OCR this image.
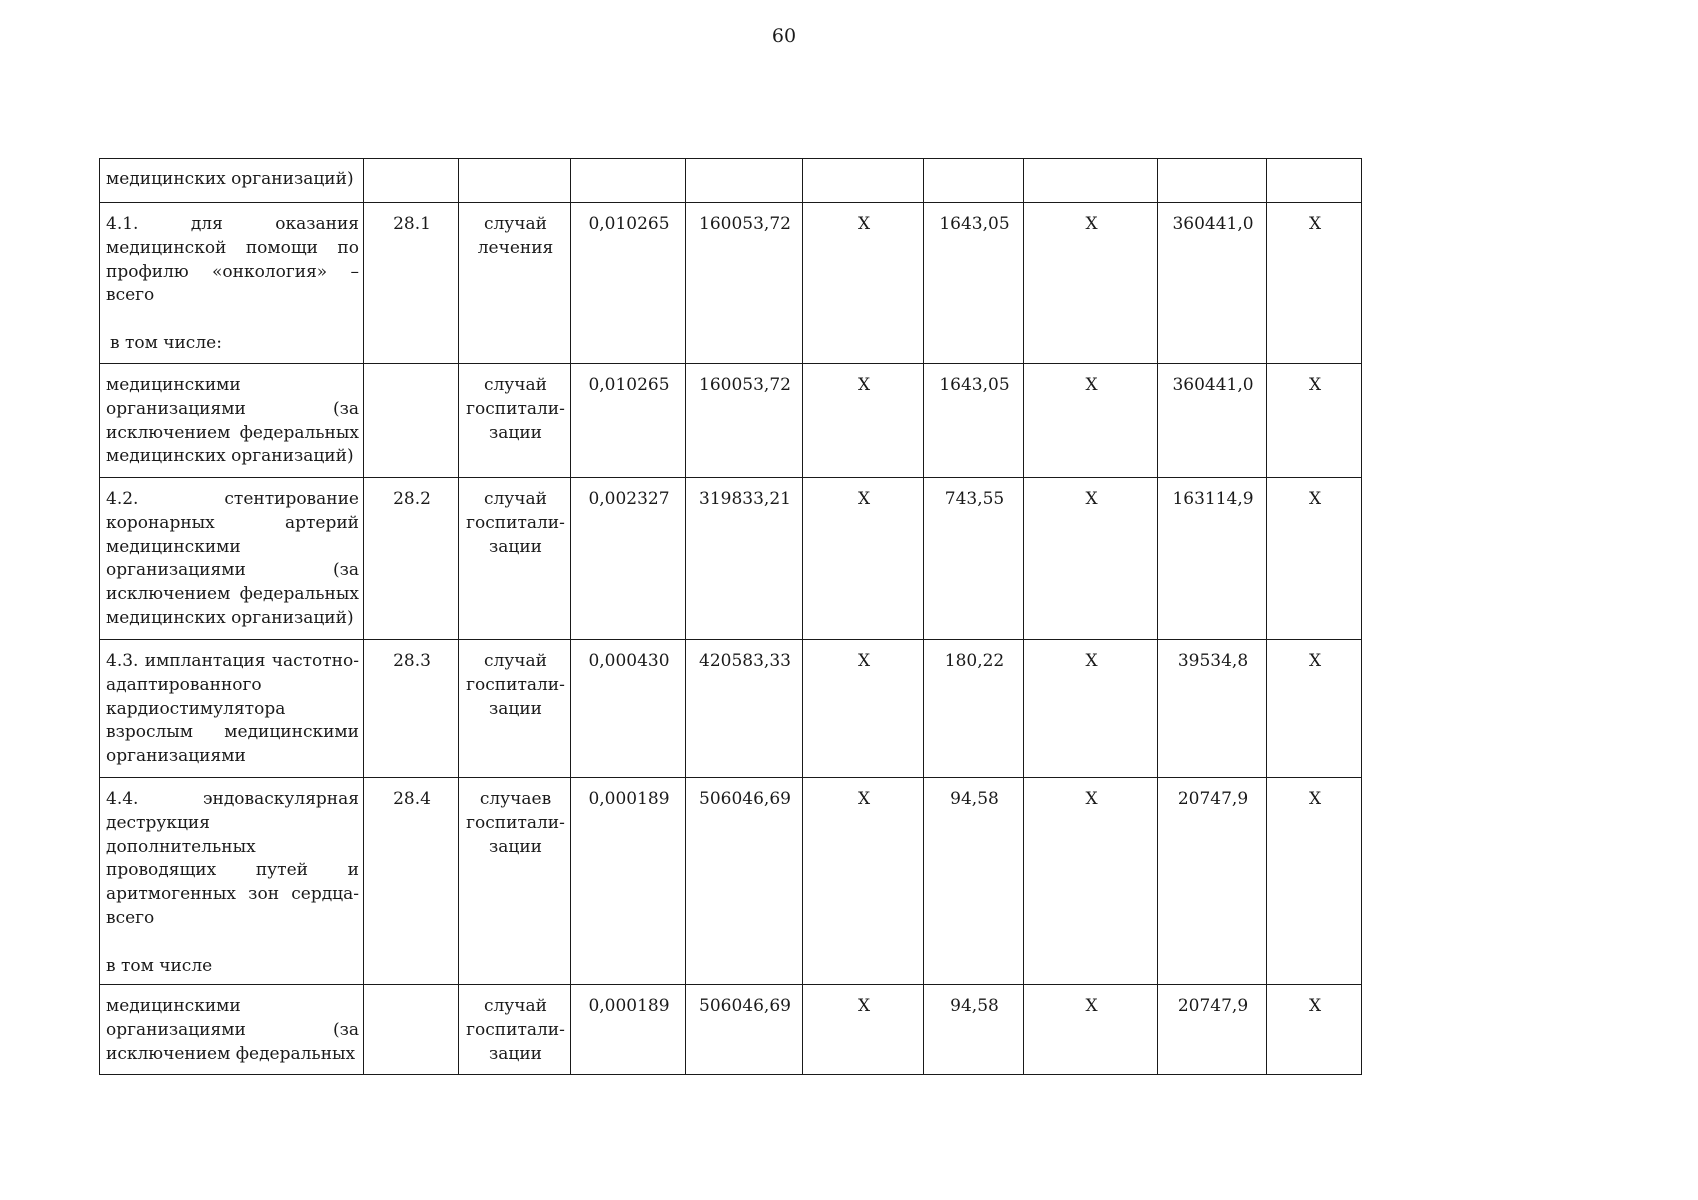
60
медицинских организаций)									

4.1. для оказания медицинской помощи по профилю «онкология» – всего
в том числе:	28.1	случай лечения	0,010265	160053,72	X	1643,05	X	360441,0	X

медицинскими организациями (за исключением федеральных медицинских организаций)		случай госпитали-зации	0,010265	160053,72	X	1643,05	X	360441,0	X

4.2. стентирование коронарных артерий медицинскими организациями (за исключением федеральных медицинских организаций)	28.2	случай госпитали-зации	0,002327	319833,21	X	743,55	X	163114,9	X

4.3. имплантация частотно-адаптированного кардиостимулятора взрослым медицинскими организациями	28.3	случай госпитали-зации	0,000430	420583,33	X	180,22	X	39534,8	X

4.4. эндоваскулярная деструкция дополнительных проводящих путей и аритмогенных зон сердца-всего
в том числе	28.4	случаев госпитали-зации	0,000189	506046,69	X	94,58	X	20747,9	X

медицинскими организациями (за исключением федеральных		случай госпитали-зации	0,000189	506046,69	X	94,58	X	20747,9	X
